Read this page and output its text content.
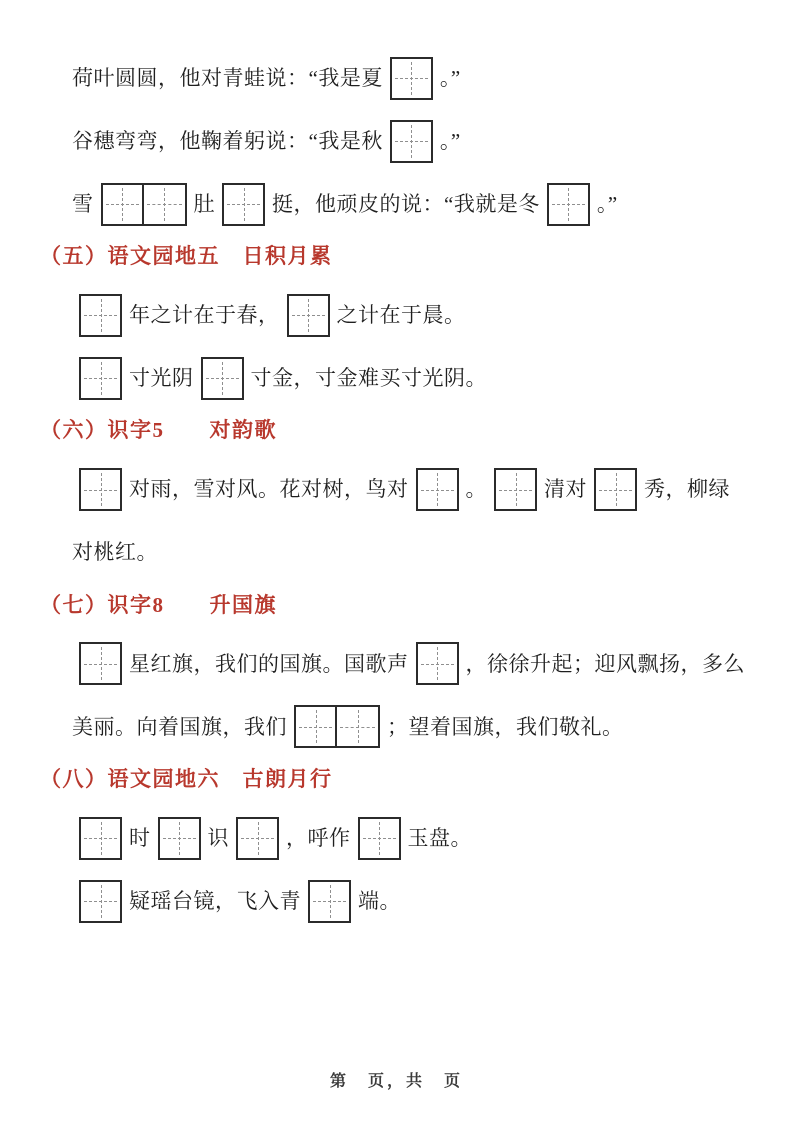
荷叶圆圆，他对青蛙说：“我是夏	。”
谷穗弯弯，他鞠着躬说：“我是秋	。”
雪	肚	挺，他顽皮的说：“我就是冬	。”
（五）语文园地五　日积月累
年之计在于春，	之计在于晨。
寸光阴	寸金，寸金难买寸光阴。
（六）识字5　　对韵歌
对雨，雪对风。花对树，鸟对	。	清对	秀，柳绿
对桃红。
（七）识字8　　升国旗
星红旗，我们的国旗。国歌声	，徐徐升起；迎风飘扬，多么
美丽。向着国旗，我们	；望着国旗，我们敬礼。
（八）语文园地六　古朗月行
时	识	，呼作	玉盘。
疑瑶台镜，飞入青	端。
第　页，共　页
